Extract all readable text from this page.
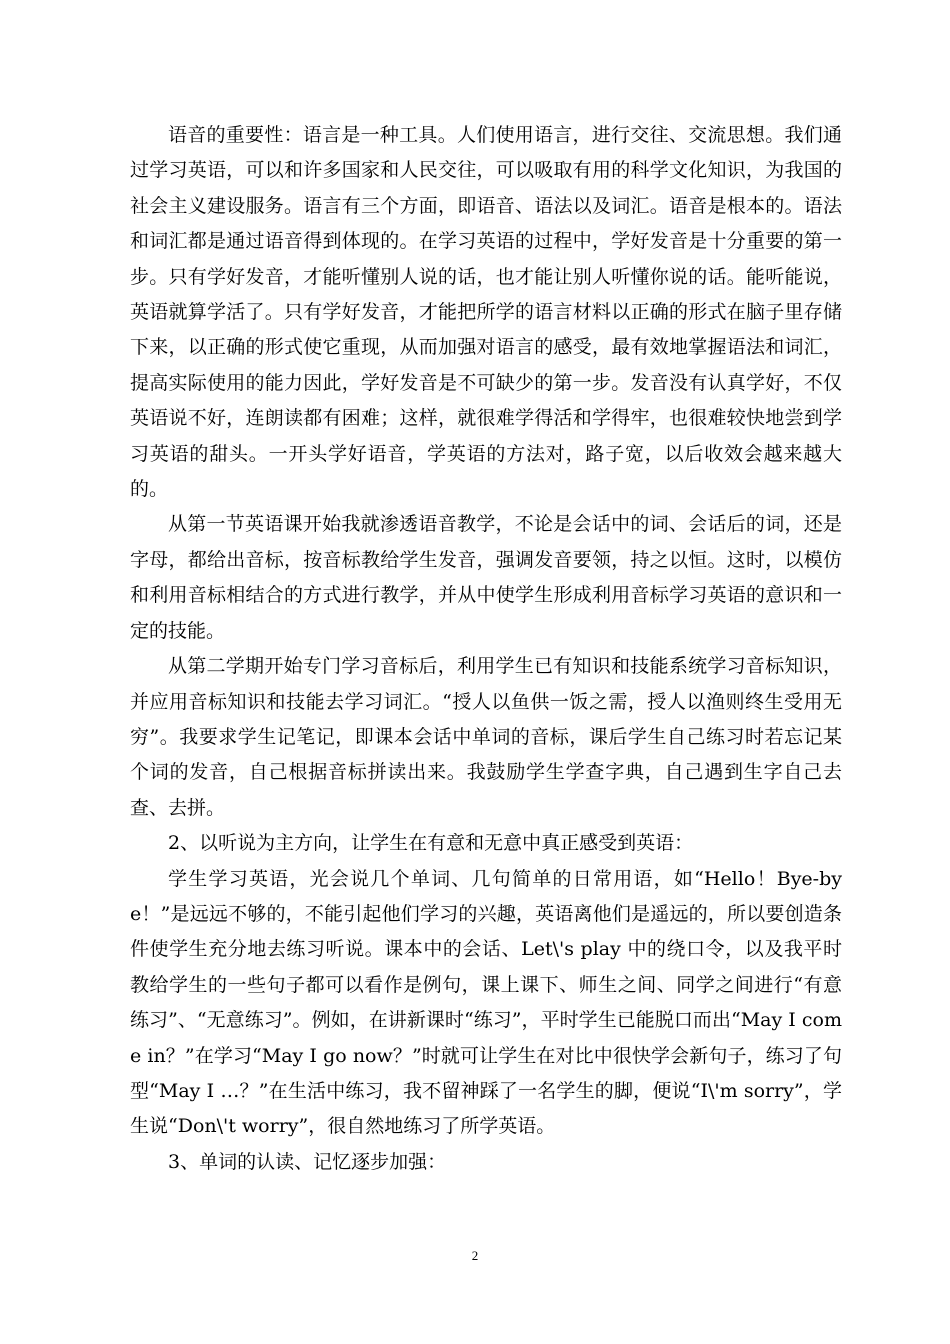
语音的重要性：语言是一种工具。人们使用语言，进行交往、交流思想。我们通过学习英语，可以和许多国家和人民交往，可以吸取有用的科学文化知识，为我国的社会主义建设服务。语言有三个方面，即语音、语法以及词汇。语音是根本的。语法和词汇都是通过语音得到体现的。在学习英语的过程中，学好发音是十分重要的第一步。只有学好发音，才能听懂别人说的话，也才能让别人听懂你说的话。能听能说，英语就算学活了。只有学好发音，才能把所学的语言材料以正确的形式在脑子里存储下来，以正确的形式使它重现，从而加强对语言的感受，最有效地掌握语法和词汇，提高实际使用的能力因此，学好发音是不可缺少的第一步。发音没有认真学好，不仅英语说不好，连朗读都有困难；这样，就很难学得活和学得牢，也很难较快地尝到学习英语的甜头。一开头学好语音，学英语的方法对，路子宽，以后收效会越来越大的。

从第一节英语课开始我就渗透语音教学，不论是会话中的词、会话后的词，还是字母，都给出音标，按音标教给学生发音，强调发音要领，持之以恒。这时，以模仿和利用音标相结合的方式进行教学，并从中使学生形成利用音标学习英语的意识和一定的技能。

从第二学期开始专门学习音标后，利用学生已有知识和技能系统学习音标知识，并应用音标知识和技能去学习词汇。“授人以鱼供一饭之需，授人以渔则终生受用无穷”。我要求学生记笔记，即课本会话中单词的音标，课后学生自己练习时若忘记某个词的发音，自己根据音标拼读出来。我鼓励学生学查字典，自己遇到生字自己去查、去拼。

2、以听说为主方向，让学生在有意和无意中真正感受到英语：

学生学习英语，光会说几个单词、几句简单的日常用语，如“Hello！Bye-bye！”是远远不够的，不能引起他们学习的兴趣，英语离他们是遥远的，所以要创造条件使学生充分地去练习听说。课本中的会话、Let\'s play 中的绕口令，以及我平时教给学生的一些句子都可以看作是例句，课上课下、师生之间、同学之间进行“有意练习”、“无意练习”。例如，在讲新课时“练习”，平时学生已能脱口而出“May I come in？”在学习“May I go now？”时就可让学生在对比中很快学会新句子，练习了句型“May I …？”在生活中练习，我不留神踩了一名学生的脚，便说“I\'m sorry”，学生说“Don\'t worry”，很自然地练习了所学英语。

3、单词的认读、记忆逐步加强：

2
